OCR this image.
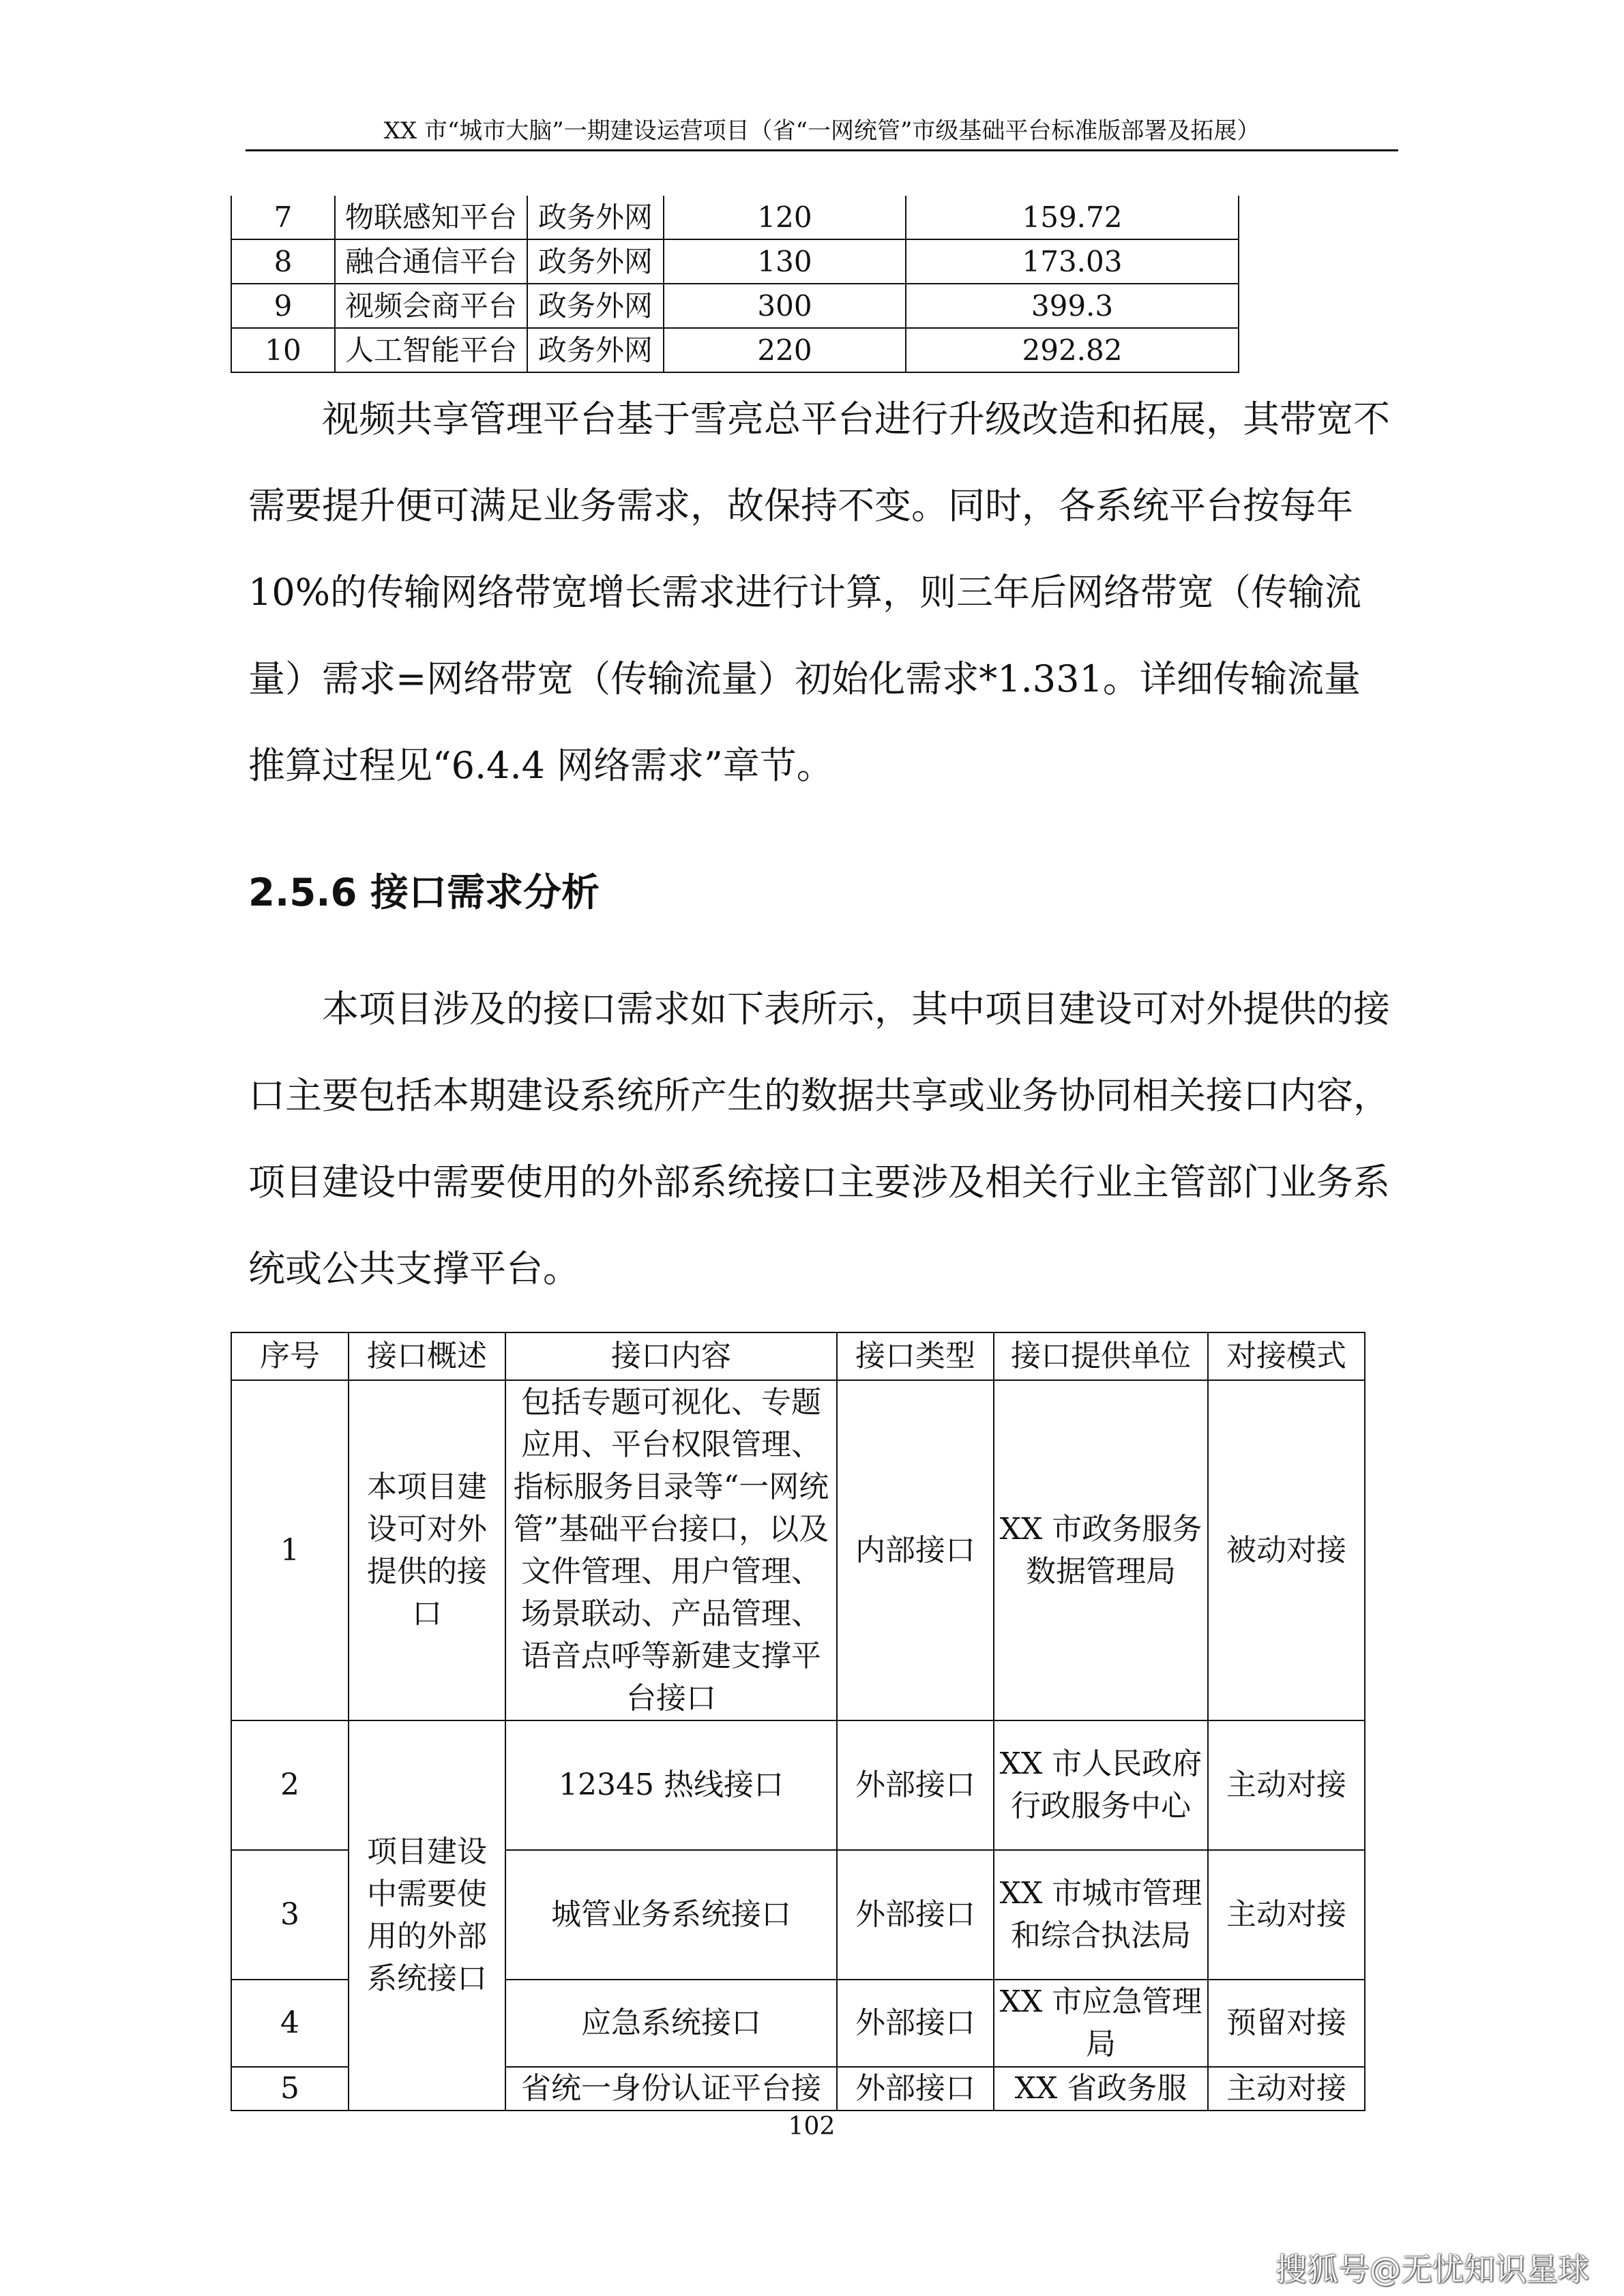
XX 市“城市大脑”一期建设运营项目（省“一网统管”市级基础平台标准版部署及拓展）
7	物联感知平台	政务外网	120	159.72
8	融合通信平台	政务外网	130	173.03
9	视频会商平台	政务外网	300	399.3
10	人工智能平台	政务外网	220	292.82

视频共享管理平台基于雪亮总平台进行升级改造和拓展，其带宽不需要提升便可满足业务需求，故保持不变。同时，各系统平台按每年 10%的传输网络带宽增长需求进行计算，则三年后网络带宽（传输流量）需求=网络带宽（传输流量）初始化需求*1.331。详细传输流量推算过程见“6.4.4 网络需求”章节。

2.5.6 接口需求分析

本项目涉及的接口需求如下表所示，其中项目建设可对外提供的接口主要包括本期建设系统所产生的数据共享或业务协同相关接口内容，项目建设中需要使用的外部系统接口主要涉及相关行业主管部门业务系统或公共支撑平台。

序号	接口概述	接口内容	接口类型	接口提供单位	对接模式
1	本项目建设可对外提供的接口	包括专题可视化、专题应用、平台权限管理、指标服务目录等“一网统管”基础平台接口，以及文件管理、用户管理、场景联动、产品管理、语音点呼等新建支撑平台接口	内部接口	XX 市政务服务数据管理局	被动对接
2	项目建设中需要使用的外部系统接口	12345 热线接口	外部接口	XX 市人民政府行政服务中心	主动对接
3		城管业务系统接口	外部接口	XX 市城市管理和综合执法局	主动对接
4		应急系统接口	外部接口	XX 市应急管理局	预留对接
5		省统一身份认证平台接	外部接口	XX 省政务服	主动对接
102
搜狐号@无忧知识星球
